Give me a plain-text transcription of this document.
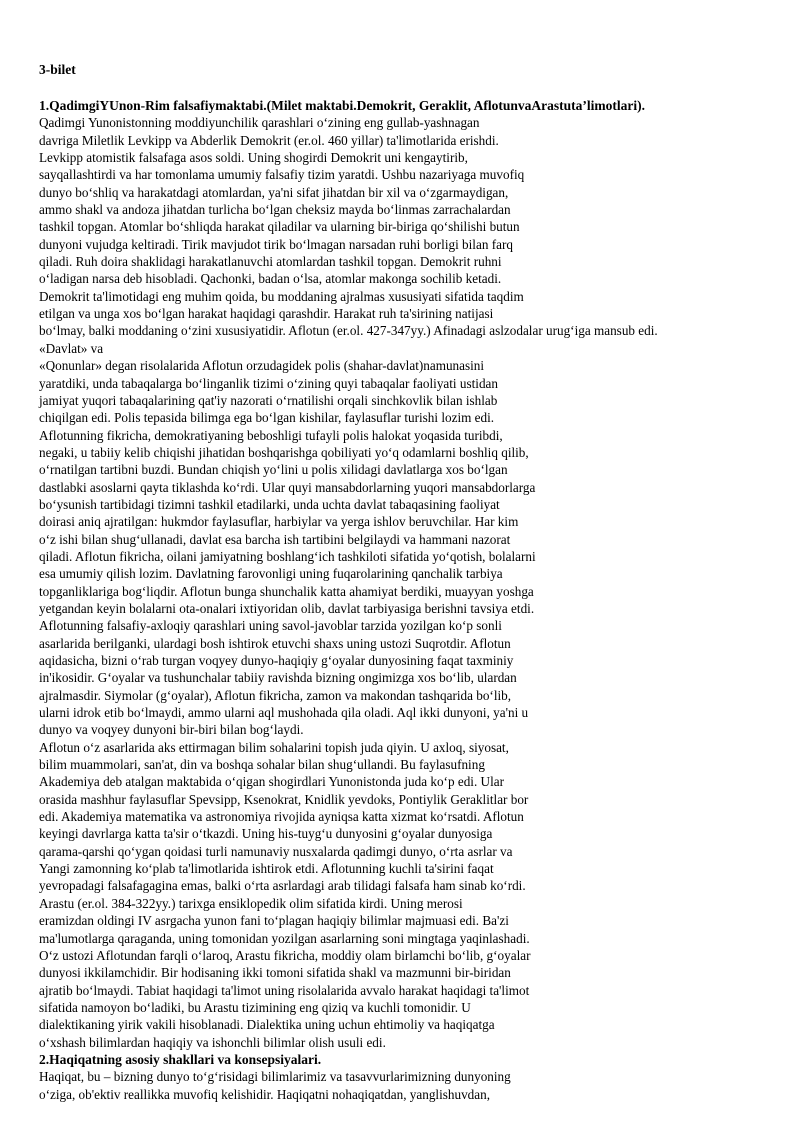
3-bilet
1.QadimgiYUnon-Rim falsafiymaktabi.(Milet maktabi.Demokrit, Geraklit, AflotunvaArastuta’limotlari).
Qadimgi Yunonistonning moddiyunchilik qarashlari o‘zining eng gullab-yashnagan
davriga Miletlik Levkipp va Abderlik Demokrit (er.ol. 460 yillar) ta'limotlarida erishdi.
Levkipp atomistik falsafaga asos soldi. Uning shogirdi Demokrit uni kengaytirib,
sayqallashtirdi va har tomonlama umumiy falsafiy tizim yaratdi. Ushbu nazariyaga muvofiq
dunyo bo‘shliq va harakatdagi atomlardan, ya'ni sifat jihatdan bir xil va o‘zgarmaydigan,
ammo shakl va andoza jihatdan turlicha bo‘lgan cheksiz mayda bo‘linmas zarrachalardan
tashkil topgan. Atomlar bo‘shliqda harakat qiladilar va ularning bir-biriga qo‘shilishi butun
dunyoni vujudga keltiradi. Tirik mavjudot tirik bo‘lmagan narsadan ruhi borligi bilan farq
qiladi. Ruh doira shaklidagi harakatlanuvchi atomlardan tashkil topgan. Demokrit ruhni
o‘ladigan narsa deb hisobladi. Qachonki, badan o‘lsa, atomlar makonga sochilib ketadi.
Demokrit ta'limotidagi eng muhim qoida, bu moddaning ajralmas xususiyati sifatida taqdim
etilgan va unga xos bo‘lgan harakat haqidagi qarashdir. Harakat ruh ta'sirining natijasi
bo‘lmay, balki moddaning o‘zini xususiyatidir. Aflotun (er.ol. 427-347yy.) Afinadagi aslzodalar urug‘iga mansub edi.
«Davlat» va
«Qonunlar» degan risolalarida Aflotun orzudagidek polis (shahar-davlat)namunasini
yaratdiki, unda tabaqalarga bo‘linganlik tizimi o‘zining quyi tabaqalar faoliyati ustidan
jamiyat yuqori tabaqalarining qat'iy nazorati o‘rnatilishi orqali sinchkovlik bilan ishlab
chiqilgan edi. Polis tepasida bilimga ega bo‘lgan kishilar, faylasuflar turishi lozim edi.
Aflotunning fikricha, demokratiyaning beboshligi tufayli polis halokat yoqasida turibdi,
negaki, u tabiiy kelib chiqishi jihatidan boshqarishga qobiliyati yo‘q odamlarni boshliq qilib,
o‘rnatilgan tartibni buzdi. Bundan chiqish yo‘lini u polis xilidagi davlatlarga xos bo‘lgan
dastlabki asoslarni qayta tiklashda ko‘rdi. Ular quyi mansabdorlarning yuqori mansabdorlarga
bo‘ysunish tartibidagi tizimni tashkil etadilarki, unda uchta davlat tabaqasining faoliyat
doirasi aniq ajratilgan: hukmdor faylasuflar, harbiylar va yerga ishlov beruvchilar. Har kim
o‘z ishi bilan shug‘ullanadi, davlat esa barcha ish tartibini belgilaydi va hammani nazorat
qiladi. Aflotun fikricha, oilani jamiyatning boshlang‘ich tashkiloti sifatida yo‘qotish, bolalarni
esa umumiy qilish lozim. Davlatning farovonligi uning fuqarolarining qanchalik tarbiya
topganliklariga bog‘liqdir. Aflotun bunga shunchalik katta ahamiyat berdiki, muayyan yoshga
yetgandan keyin bolalarni ota-onalari ixtiyoridan olib, davlat tarbiyasiga berishni tavsiya etdi.
Aflotunning falsafiy-axloqiy qarashlari uning savol-javoblar tarzida yozilgan ko‘p sonli
asarlarida berilganki, ulardagi bosh ishtirok etuvchi shaxs uning ustozi Suqrotdir. Aflotun
aqidasicha, bizni o‘rab turgan voqyey dunyo-haqiqiy g‘oyalar dunyosining faqat taxminiy
in'ikosidir. G‘oyalar va tushunchalar tabiiy ravishda bizning ongimizga xos bo‘lib, ulardan
ajralmasdir. Siymolar (g‘oyalar), Aflotun fikricha, zamon va makondan tashqarida bo‘lib,
ularni idrok etib bo‘lmaydi, ammo ularni aql mushohada qila oladi. Aql ikki dunyoni, ya'ni u
dunyo va voqyey dunyoni bir-biri bilan bog‘laydi.
Aflotun o‘z asarlarida aks ettirmagan bilim sohalarini topish juda qiyin. U axloq, siyosat,
bilim muammolari, san'at, din va boshqa sohalar bilan shug‘ullandi. Bu faylasufning
Akademiya deb atalgan maktabida o‘qigan shogirdlari Yunonistonda juda ko‘p edi. Ular
orasida mashhur faylasuflar Spevsipp, Ksenokrat, Knidlik yevdoks, Pontiylik Geraklitlar bor
edi. Akademiya matematika va astronomiya rivojida ayniqsa katta xizmat ko‘rsatdi. Aflotun
keyingi davrlarga katta ta'sir o‘tkazdi. Uning his-tuyg‘u dunyosini g‘oyalar dunyosiga
qarama-qarshi qo‘ygan qoidasi turli namunaviy nusxalarda qadimgi dunyo, o‘rta asrlar va
Yangi zamonning ko‘plab ta'limotlarida ishtirok etdi. Aflotunning kuchli ta'sirini faqat
yevropadagi falsafagagina emas, balki o‘rta asrlardagi arab tilidagi falsafa ham sinab ko‘rdi.
Arastu (er.ol. 384-322yy.) tarixga ensiklopedik olim sifatida kirdi. Uning merosi
eramizdan oldingi IV asrgacha yunon fani to‘plagan haqiqiy bilimlar majmuasi edi. Ba'zi
ma'lumotlarga qaraganda, uning tomonidan yozilgan asarlarning soni mingtaga yaqinlashadi.
O‘z ustozi Aflotundan farqli o‘laroq, Arastu fikricha, moddiy olam birlamchi bo‘lib, g‘oyalar
dunyosi ikkilamchidir. Bir hodisaning ikki tomoni sifatida shakl va mazmunni bir-biridan
ajratib bo‘lmaydi. Tabiat haqidagi ta'limot uning risolalarida avvalo harakat haqidagi ta'limot
sifatida namoyon bo‘ladiki, bu Arastu tizimining eng qiziq va kuchli tomonidir. U
dialektikaning yirik vakili hisoblanadi. Dialektika uning uchun ehtimoliy va haqiqatga
o‘xshash bilimlardan haqiqiy va ishonchli bilimlar olish usuli edi.
2.Haqiqatning asosiy shakllari va konsepsiyalari.
Haqiqat, bu – bizning dunyo to‘g‘risidagi bilimlarimiz va tasavvurlarimizning dunyoning
o‘ziga, ob'ektiv reallikka muvofiq kelishidir. Haqiqatni nohaqiqatdan, yanglishuvdan,
